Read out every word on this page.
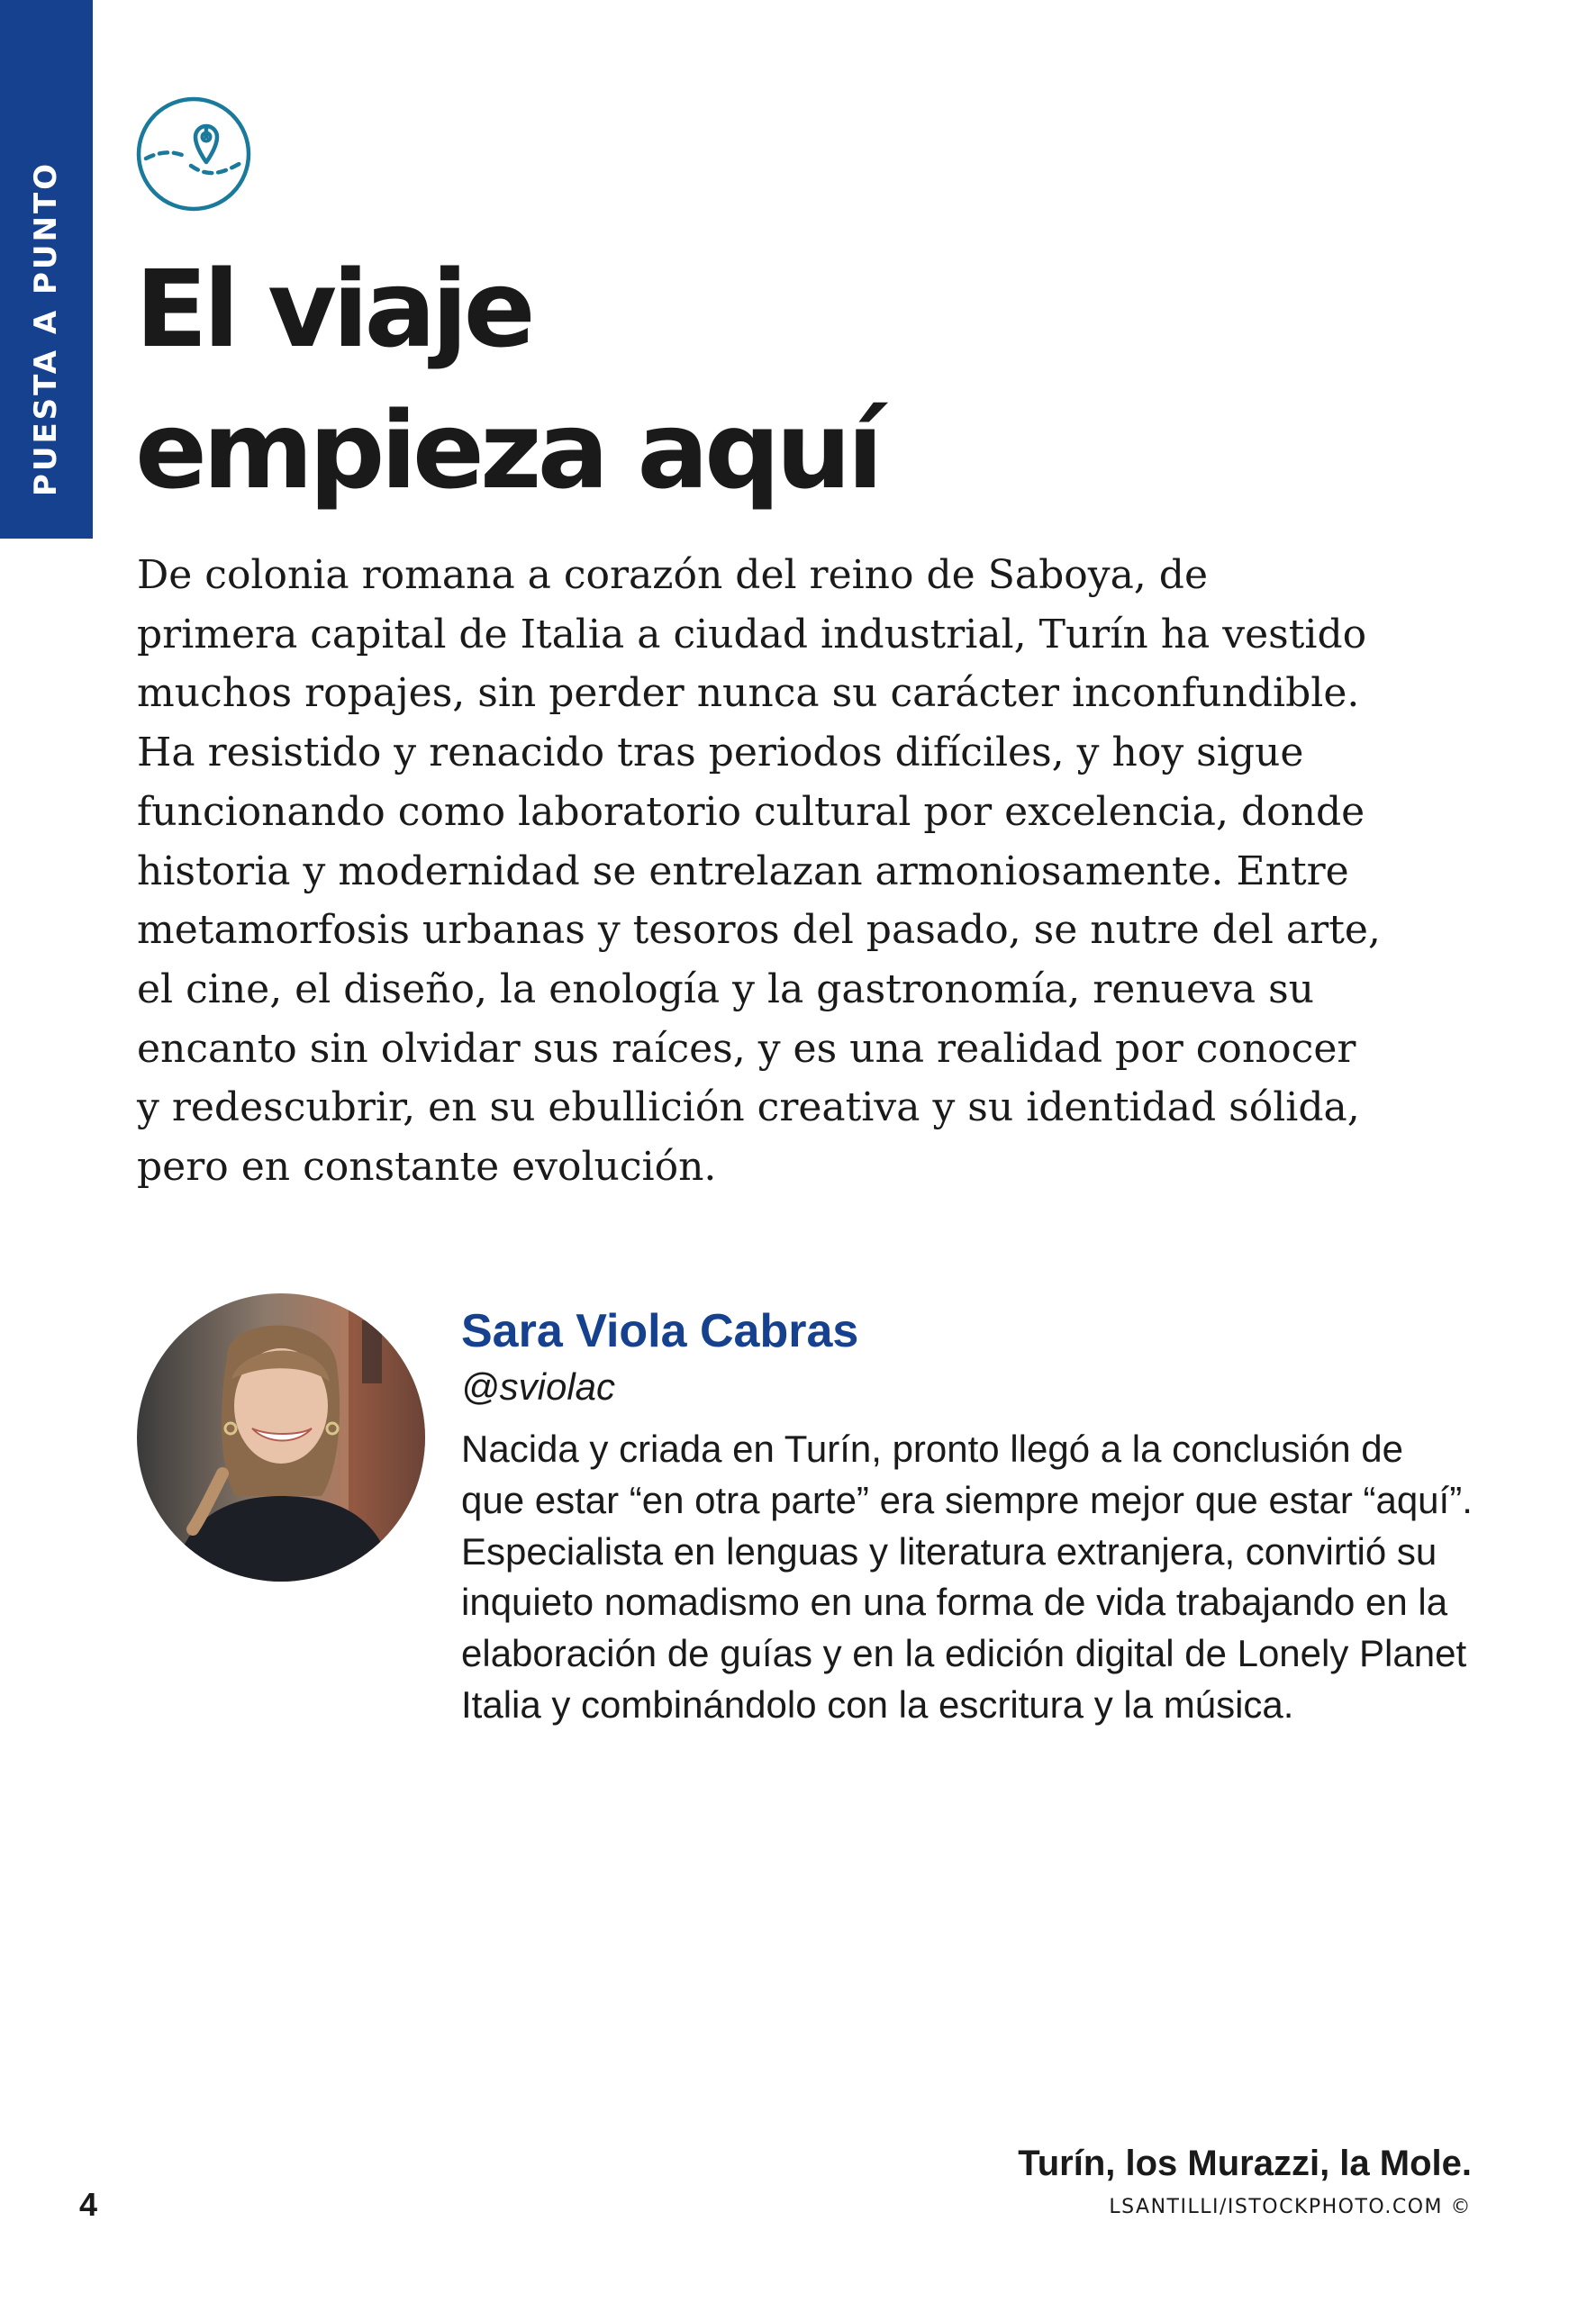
PUESTA A PUNTO El viaje
empieza aquí

De colonia romana a corazón del reino de Saboya, de
primera capital de Italia a ciudad industrial, Turín ha vestido
muchos ropajes, sin perder nunca su carácter inconfundible.
Ha resistido y renacido tras periodos difíciles, y hoy sigue
funcionando como laboratorio cultural por excelencia, donde
historia y modernidad se entrelazan armoniosamente. Entre
metamorfosis urbanas y tesoros del pasado, se nutre del arte,
el cine, el diseño, la enología y la gastronomía, renueva su
encanto sin olvidar sus raíces, y es una realidad por conocer
y redescubrir, en su ebullición creativa y su identidad sólida,
pero en constante evolución.

Sara Viola Cabras
@sviolac

Nacida y criada en Turín, pronto llegó a la conclusión de
que estar “en otra parte” era siempre mejor que estar “aquí”.
Especialista en lenguas y literatura extranjera, convirtió su
inquieto nomadismo en una forma de vida trabajando en la
elaboración de guías y en la edición digital de Lonely Planet
Italia y combinándolo con la escritura y la música.

Turín, los Murazzi, la Mole.
LSANTILLI/ISTOCKPHOTO.COM ©
4
